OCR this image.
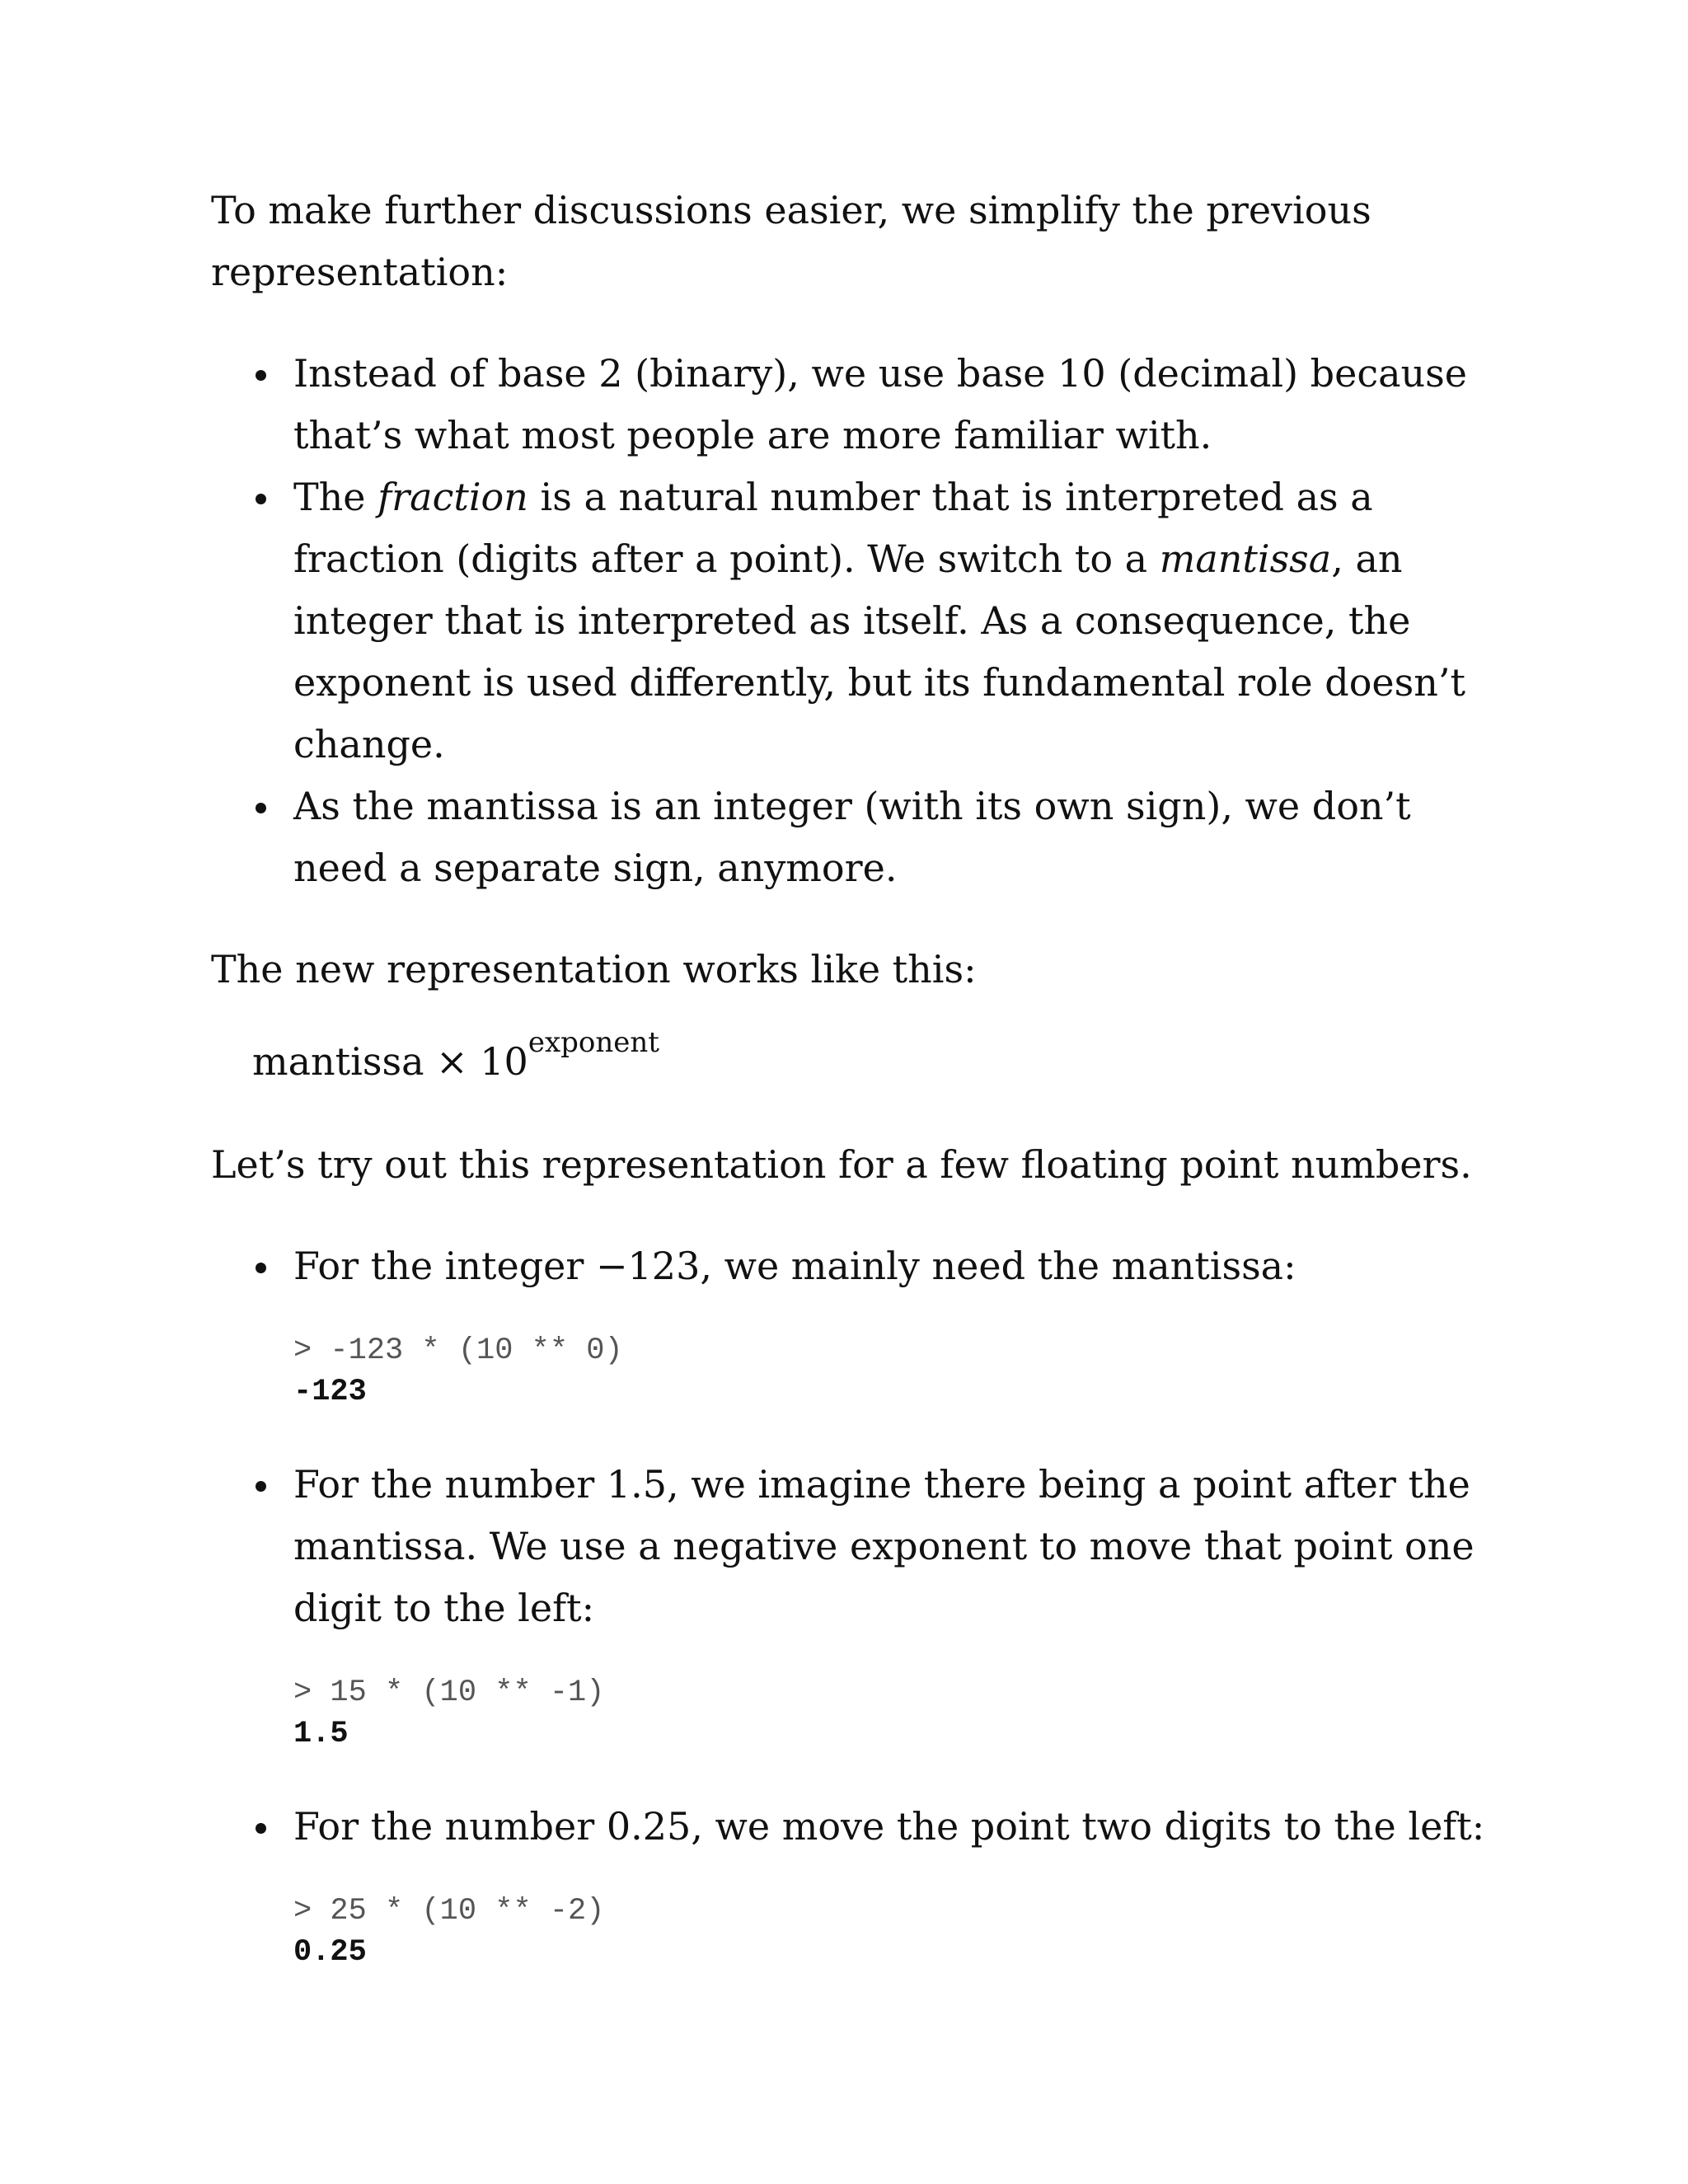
To make further discussions easier, we simplify the previous representation:

Instead of base 2 (binary), we use base 10 (decimal) because that’s what most people are more familiar with.
The fraction is a natural number that is interpreted as a fraction (digits after a point). We switch to a mantissa, an integer that is interpreted as itself. As a consequence, the exponent is used differently, but its fundamental role doesn’t change.
As the mantissa is an integer (with its own sign), we don’t need a separate sign, anymore.

The new representation works like this:

mantissa × $10^{exponent}$

Let’s try out this representation for a few floating point numbers.

For the integer −123, we mainly need the mantissa:
> -123 * (10 ** 0)
-123
For the number 1.5, we imagine there being a point after the mantissa. We use a negative exponent to move that point one digit to the left:
> 15 * (10 ** -1)
1.5
For the number 0.25, we move the point two digits to the left:
> 25 * (10 ** -2)
0.25
